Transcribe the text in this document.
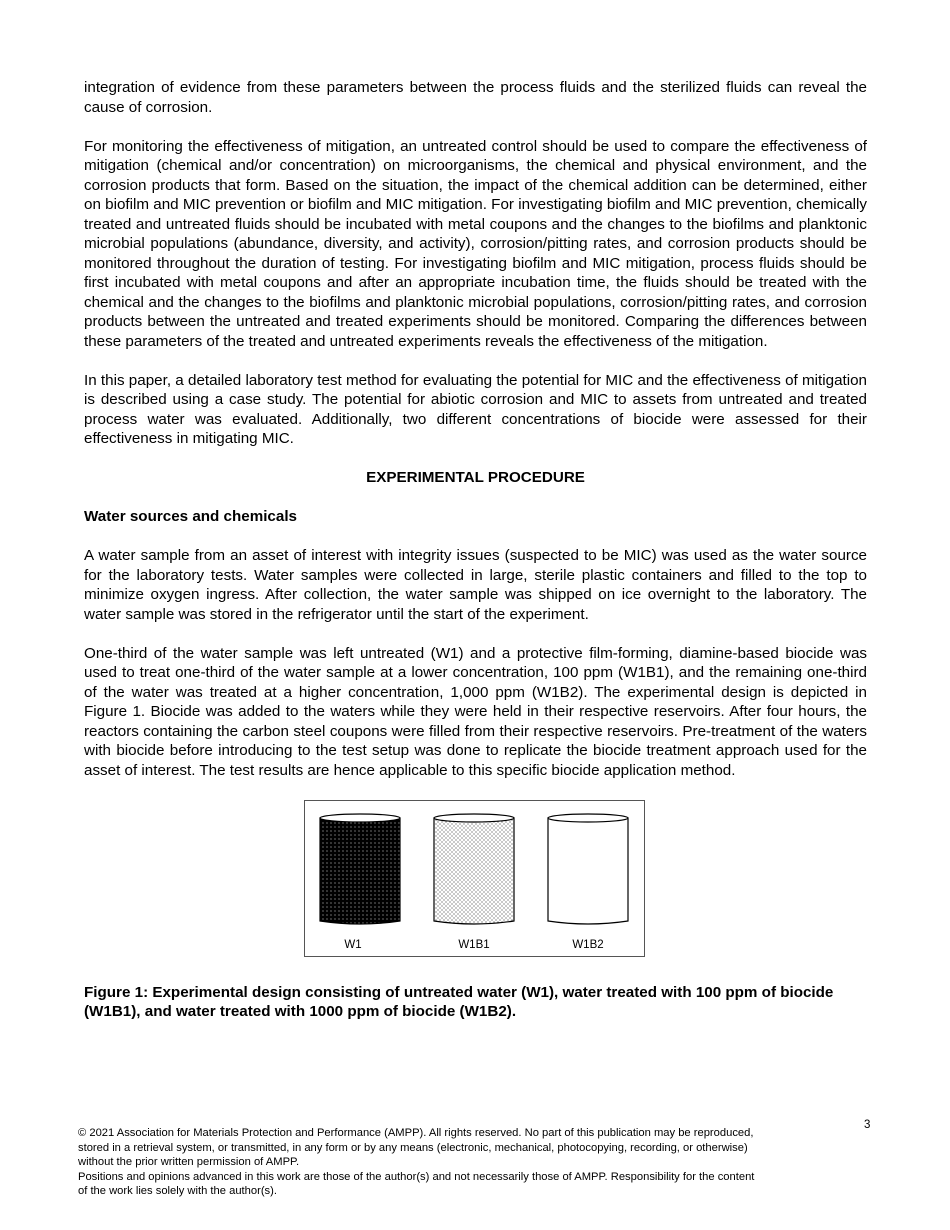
integration of evidence from these parameters between the process fluids and the sterilized fluids can reveal the cause of corrosion.

For monitoring the effectiveness of mitigation, an untreated control should be used to compare the effectiveness of mitigation (chemical and/or concentration) on microorganisms, the chemical and physical environment, and the corrosion products that form. Based on the situation, the impact of the chemical addition can be determined, either on biofilm and MIC prevention or biofilm and MIC mitigation. For investigating biofilm and MIC prevention, chemically treated and untreated fluids should be incubated with metal coupons and the changes to the biofilms and planktonic microbial populations (abundance, diversity, and activity), corrosion/pitting rates, and corrosion products should be monitored throughout the duration of testing. For investigating biofilm and MIC mitigation, process fluids should be first incubated with metal coupons and after an appropriate incubation time, the fluids should be treated with the chemical and the changes to the biofilms and planktonic microbial populations, corrosion/pitting rates, and corrosion products between the untreated and treated experiments should be monitored. Comparing the differences between these parameters of the treated and untreated experiments reveals the effectiveness of the mitigation.

In this paper, a detailed laboratory test method for evaluating the potential for MIC and the effectiveness of mitigation is described using a case study. The potential for abiotic corrosion and MIC to assets from untreated and treated process water was evaluated. Additionally, two different concentrations of biocide were assessed for their effectiveness in mitigating MIC.

EXPERIMENTAL PROCEDURE
Water sources and chemicals

A water sample from an asset of interest with integrity issues (suspected to be MIC) was used as the water source for the laboratory tests. Water samples were collected in large, sterile plastic containers and filled to the top to minimize oxygen ingress. After collection, the water sample was shipped on ice overnight to the laboratory. The water sample was stored in the refrigerator until the start of the experiment.

One-third of the water sample was left untreated (W1) and a protective film-forming, diamine-based biocide was used to treat one-third of the water sample at a lower concentration, 100 ppm (W1B1), and the remaining one-third of the water was treated at a higher concentration, 1,000 ppm (W1B2). The experimental design is depicted in Figure 1. Biocide was added to the waters while they were held in their respective reservoirs. After four hours, the reactors containing the carbon steel coupons were filled from their respective reservoirs. Pre-treatment of the waters with biocide before introducing to the test setup was done to replicate the biocide treatment approach used for the asset of interest. The test results are hence applicable to this specific biocide application method.

W1	W1B1	W1B2

Figure 1: Experimental design consisting of untreated water (W1), water treated with 100 ppm of biocide (W1B1), and water treated with 1000 ppm of biocide (W1B2).

3
© 2021 Association for Materials Protection and Performance (AMPP). All rights reserved. No part of this publication may be reproduced,
stored in a retrieval system, or transmitted, in any form or by any means (electronic, mechanical, photocopying, recording, or otherwise)
without the prior written permission of AMPP.
Positions and opinions advanced in this work are those of the author(s) and not necessarily those of AMPP. Responsibility for the content
of the work lies solely with the author(s).
